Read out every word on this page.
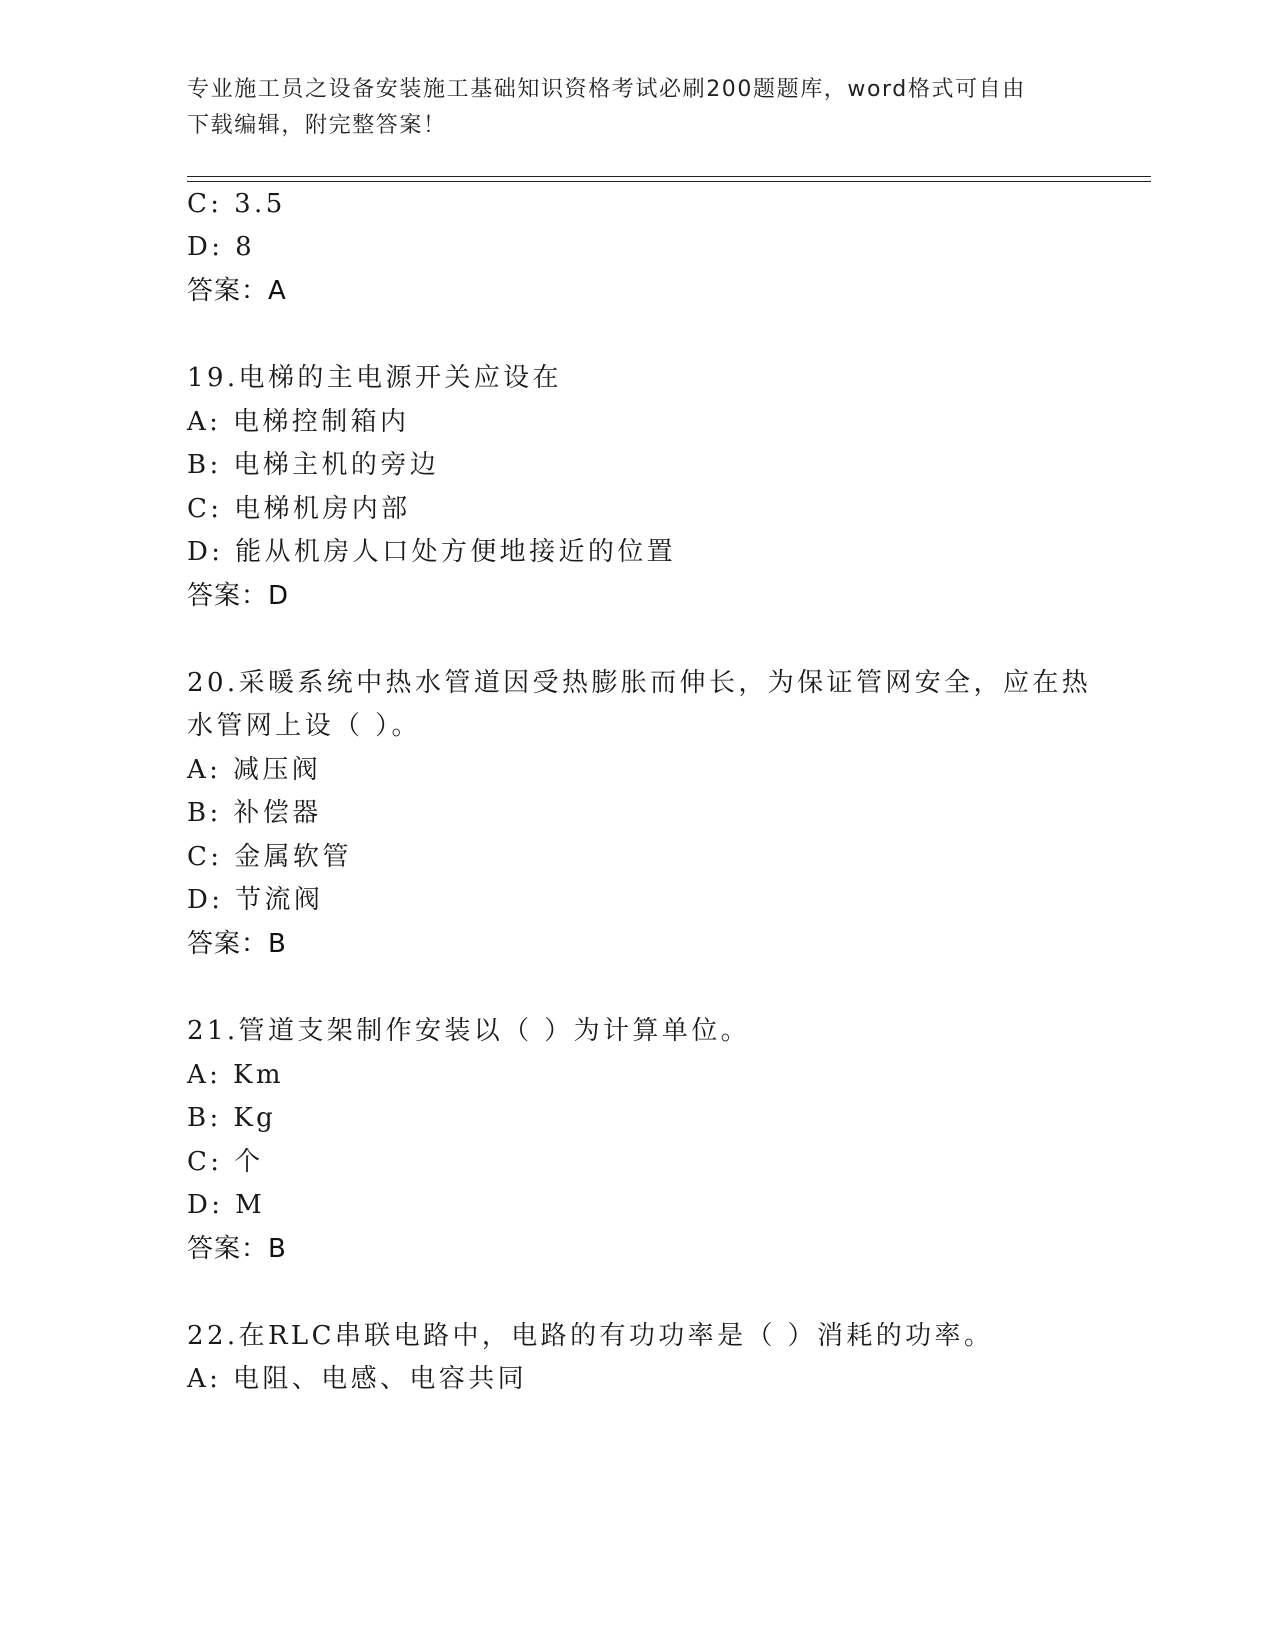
专业施工员之设备安装施工基础知识资格考试必刷200题题库，word格式可自由
下载编辑，附完整答案！
C: 3.5
D: 8
答案：A
19.电梯的主电源开关应设在
A: 电梯控制箱内
B: 电梯主机的旁边
C: 电梯机房内部
D: 能从机房人口处方便地接近的位置
答案：D
20.采暖系统中热水管道因受热膨胀而伸长，为保证管网安全，应在热
水管网上设（ ）。
A: 减压阀
B: 补偿器
C: 金属软管
D: 节流阀
答案：B
21.管道支架制作安装以（ ）为计算单位。
A: Km
B: Kg
C: 个
D: M
答案：B
22.在RLC串联电路中，电路的有功功率是（ ）消耗的功率。
A: 电阻、电感、电容共同
